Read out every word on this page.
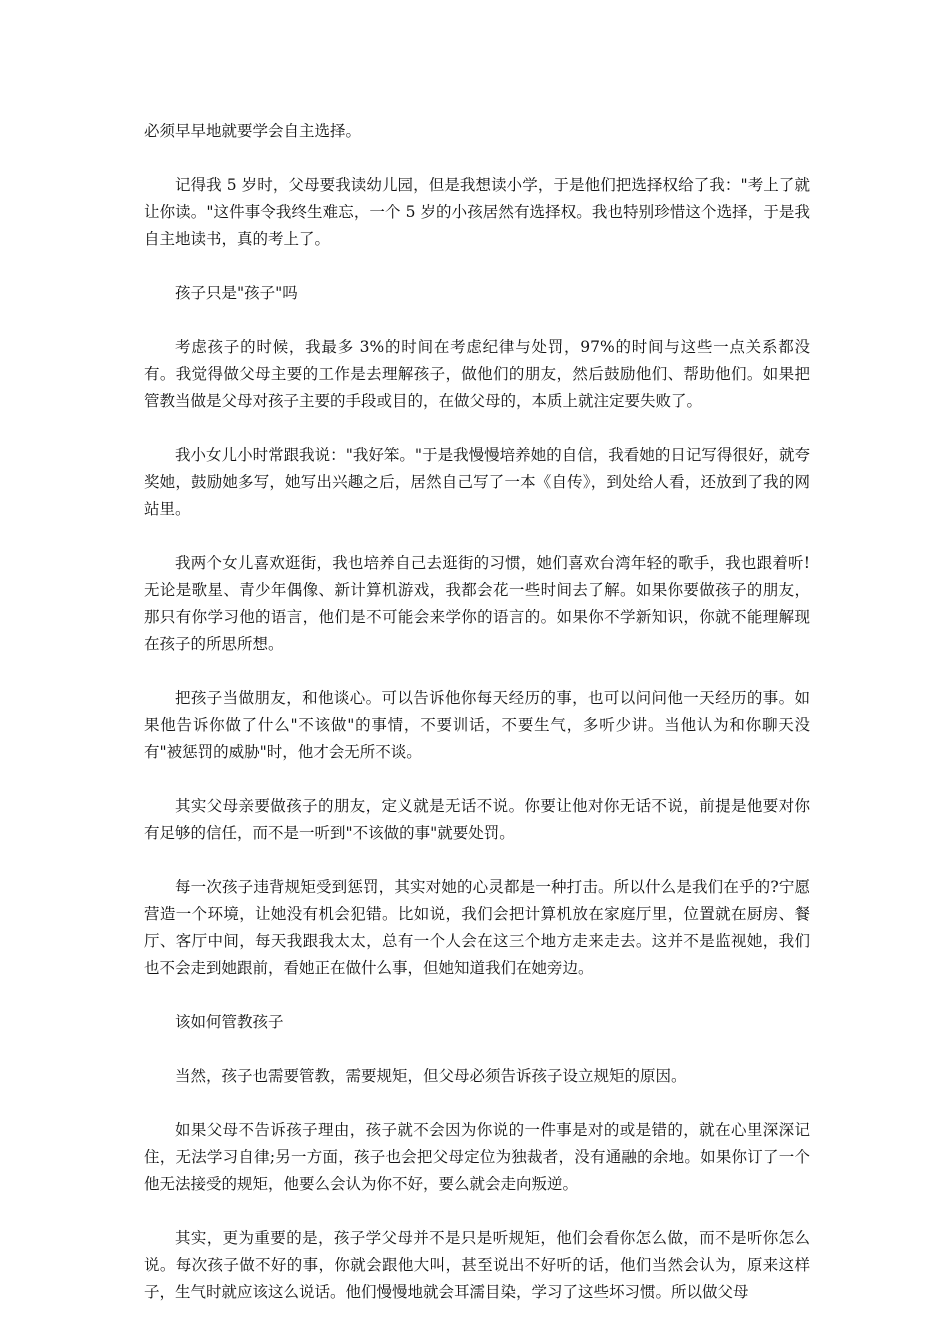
必须早早地就要学会自主选择。

记得我 5 岁时，父母要我读幼儿园，但是我想读小学，于是他们把选择权给了我："考上了就让你读。"这件事令我终生难忘，一个 5 岁的小孩居然有选择权。我也特别珍惜这个选择，于是我自主地读书，真的考上了。

孩子只是"孩子"吗

考虑孩子的时候，我最多 3%的时间在考虑纪律与处罚，97%的时间与这些一点关系都没有。我觉得做父母主要的工作是去理解孩子，做他们的朋友，然后鼓励他们、帮助他们。如果把管教当做是父母对孩子主要的手段或目的，在做父母的，本质上就注定要失败了。

我小女儿小时常跟我说："我好笨。"于是我慢慢培养她的自信，我看她的日记写得很好，就夸奖她，鼓励她多写，她写出兴趣之后，居然自己写了一本《自传》，到处给人看，还放到了我的网站里。

我两个女儿喜欢逛街，我也培养自己去逛街的习惯，她们喜欢台湾年轻的歌手，我也跟着听!无论是歌星、青少年偶像、新计算机游戏，我都会花一些时间去了解。如果你要做孩子的朋友，那只有你学习他的语言，他们是不可能会来学你的语言的。如果你不学新知识，你就不能理解现在孩子的所思所想。

把孩子当做朋友，和他谈心。可以告诉他你每天经历的事，也可以问问他一天经历的事。如果他告诉你做了什么"不该做"的事情，不要训话，不要生气，多听少讲。当他认为和你聊天没有"被惩罚的威胁"时，他才会无所不谈。

其实父母亲要做孩子的朋友，定义就是无话不说。你要让他对你无话不说，前提是他要对你有足够的信任，而不是一听到"不该做的事"就要处罚。

每一次孩子违背规矩受到惩罚，其实对她的心灵都是一种打击。所以什么是我们在乎的?宁愿营造一个环境，让她没有机会犯错。比如说，我们会把计算机放在家庭厅里，位置就在厨房、餐厅、客厅中间，每天我跟我太太，总有一个人会在这三个地方走来走去。这并不是监视她，我们也不会走到她跟前，看她正在做什么事，但她知道我们在她旁边。

该如何管教孩子

当然，孩子也需要管教，需要规矩，但父母必须告诉孩子设立规矩的原因。

如果父母不告诉孩子理由，孩子就不会因为你说的一件事是对的或是错的，就在心里深深记住，无法学习自律;另一方面，孩子也会把父母定位为独裁者，没有通融的余地。如果你订了一个他无法接受的规矩，他要么会认为你不好，要么就会走向叛逆。

其实，更为重要的是，孩子学父母并不是只是听规矩，他们会看你怎么做，而不是听你怎么说。每次孩子做不好的事，你就会跟他大叫，甚至说出不好听的话，他们当然会认为，原来这样子，生气时就应该这么说话。他们慢慢地就会耳濡目染，学习了这些坏习惯。所以做父母
